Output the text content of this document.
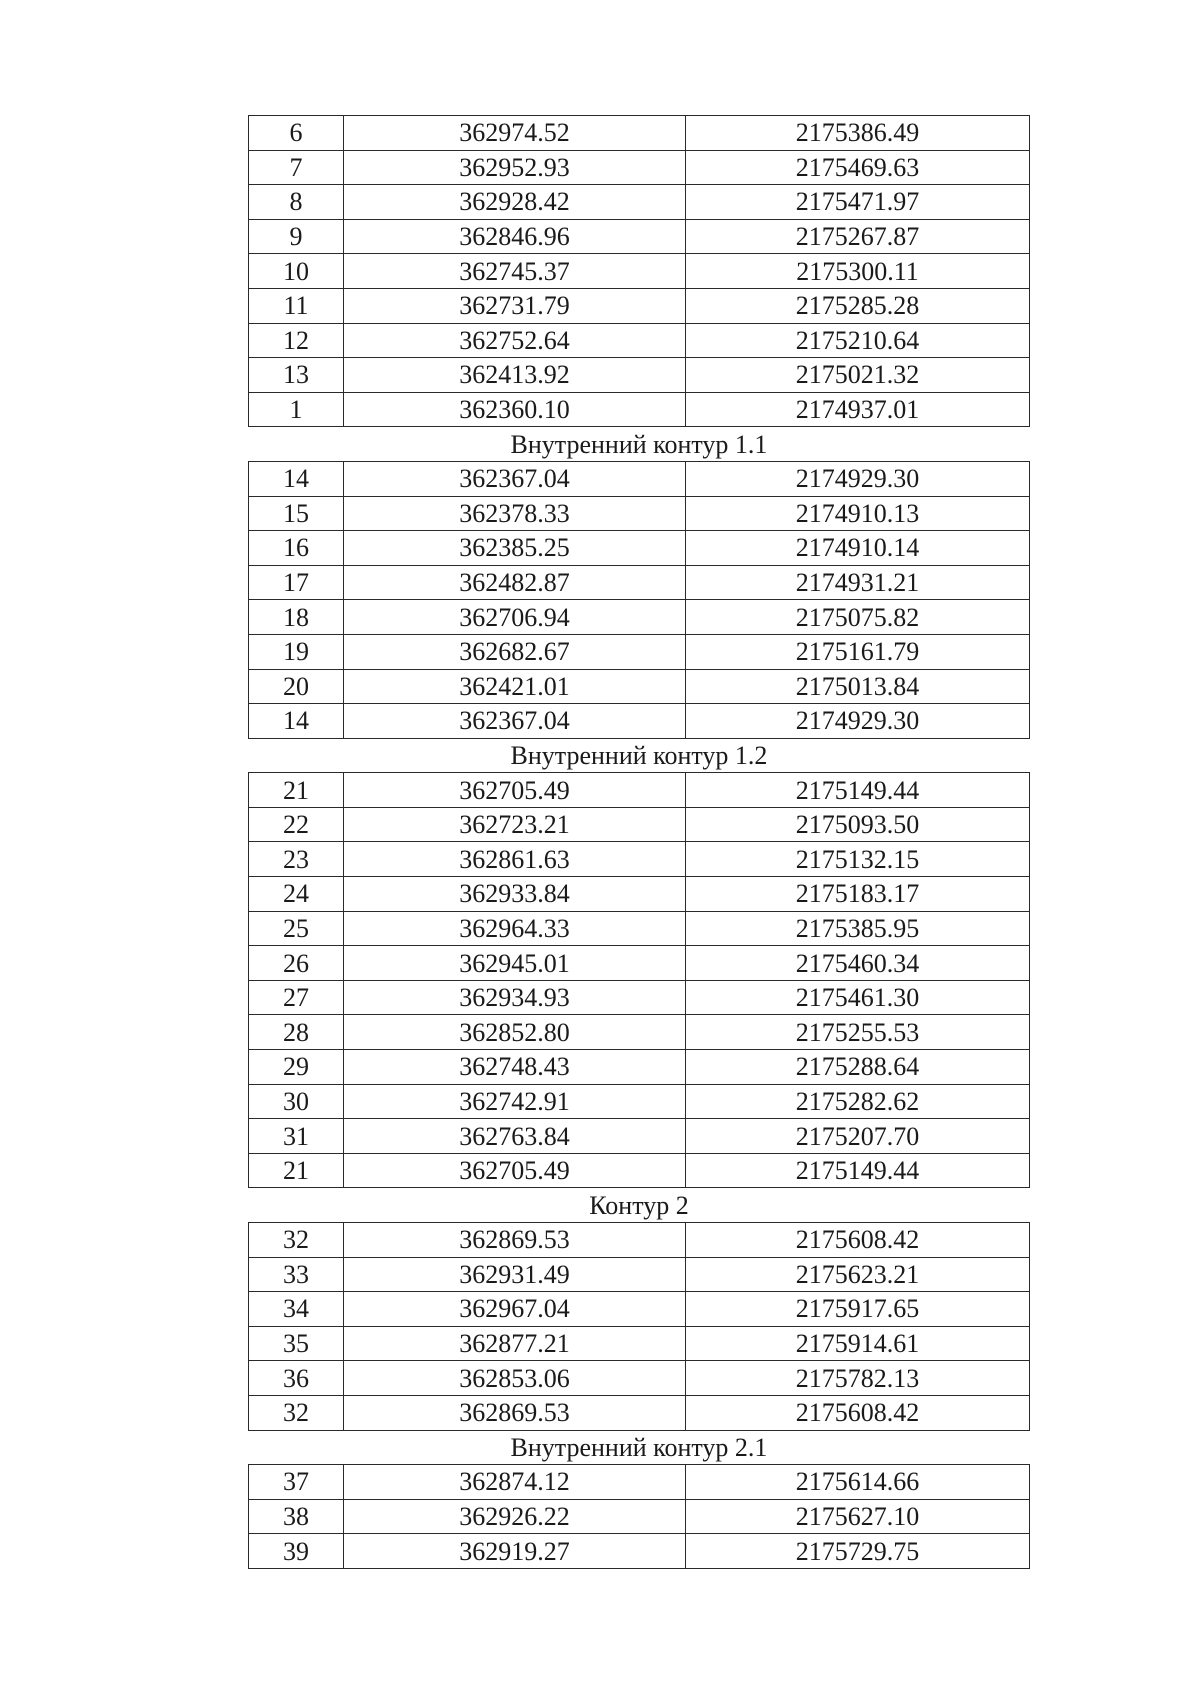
6	362974.52	2175386.49
7	362952.93	2175469.63
8	362928.42	2175471.97
9	362846.96	2175267.87
10	362745.37	2175300.11
11	362731.79	2175285.28
12	362752.64	2175210.64
13	362413.92	2175021.32
1	362360.10	2174937.01
Внутренний контур 1.1		
14	362367.04	2174929.30
15	362378.33	2174910.13
16	362385.25	2174910.14
17	362482.87	2174931.21
18	362706.94	2175075.82
19	362682.67	2175161.79
20	362421.01	2175013.84
14	362367.04	2174929.30
Внутренний контур 1.2		
21	362705.49	2175149.44
22	362723.21	2175093.50
23	362861.63	2175132.15
24	362933.84	2175183.17
25	362964.33	2175385.95
26	362945.01	2175460.34
27	362934.93	2175461.30
28	362852.80	2175255.53
29	362748.43	2175288.64
30	362742.91	2175282.62
31	362763.84	2175207.70
21	362705.49	2175149.44
Контур 2		
32	362869.53	2175608.42
33	362931.49	2175623.21
34	362967.04	2175917.65
35	362877.21	2175914.61
36	362853.06	2175782.13
32	362869.53	2175608.42
Внутренний контур 2.1		
37	362874.12	2175614.66
38	362926.22	2175627.10
39	362919.27	2175729.75
